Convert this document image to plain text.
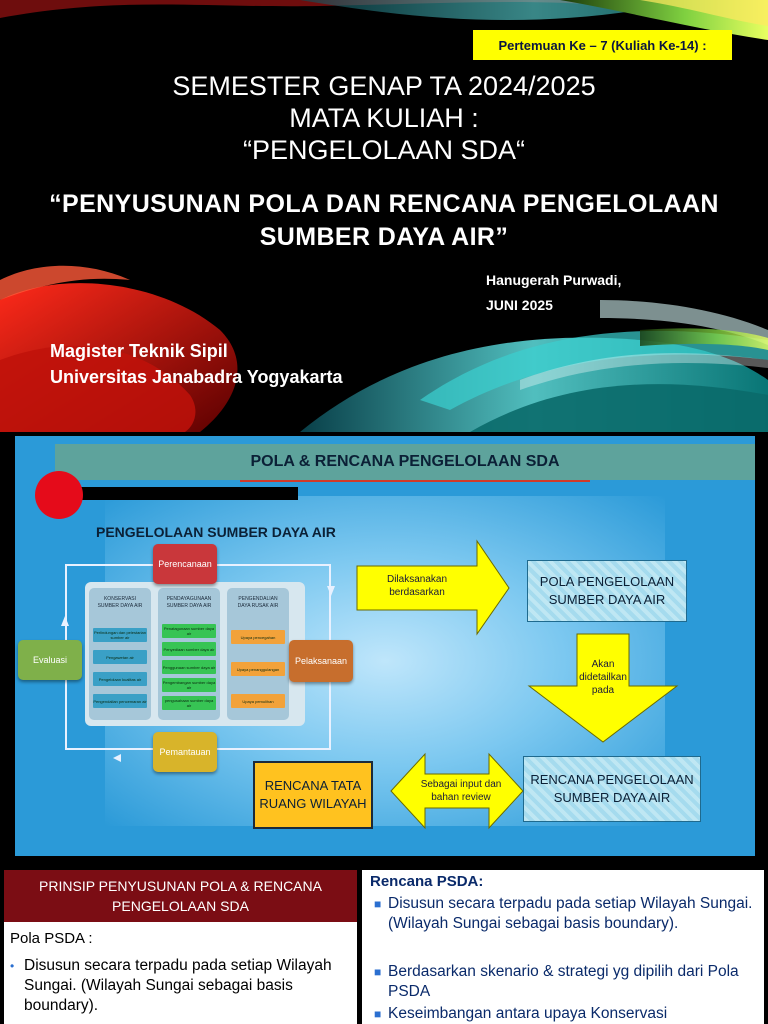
Pertemuan Ke – 7 (Kuliah Ke-14) :
SEMESTER GENAP TA 2024/2025
MATA KULIAH :
“PENGELOLAAN SDA“
“PENYUSUNAN POLA DAN RENCANA PENGELOLAAN
SUMBER DAYA AIR”
Hanugerah Purwadi,
JUNI 2025
Magister Teknik Sipil
Universitas Janabadra Yogyakarta
POLA & RENCANA PENGELOLAAN SDA
PENGELOLAAN SUMBER DAYA AIR
KONSERVASI
SUMBER DAYA AIR
Perlindungan dan pelestarian sumber air
Pengawetan air
Pengelolaan kualitas air
Pengendalian pencemaran air
PENDAYAGUNAAN
SUMBER DAYA AIR
Penatagunaan sumber daya air
Penyediaan sumber daya air
Penggunaan sumber daya air
Pengembangan sumber daya air
pengusahaan sumber daya air
PENGENDALIAN
DAYA RUSAK AIR
Upaya pencegahan
Upaya penanggulangan
Upaya pemulihan
Perencanaan
Evaluasi	Pelaksanaan
Pemantauan
Dilaksanakan
berdasarkan
Akan
didetailkan
pada
Sebagai input dan
bahan review
POLA PENGELOLAAN
SUMBER DAYA AIR
RENCANA PENGELOLAAN
SUMBER DAYA AIR
RENCANA TATA
RUANG WILAYAH
PRINSIP PENYUSUNAN POLA & RENCANA PENGELOLAAN SDA
Pola PSDA :
• Disusun secara terpadu pada setiap Wilayah Sungai. (Wilayah Sungai sebagai basis boundary).
Rencana PSDA:
■ Disusun secara terpadu pada setiap Wilayah Sungai. (Wilayah Sungai sebagai basis boundary).
■ Berdasarkan skenario & strategi yg dipilih dari Pola PSDA
■ Keseimbangan antara upaya Konservasi
